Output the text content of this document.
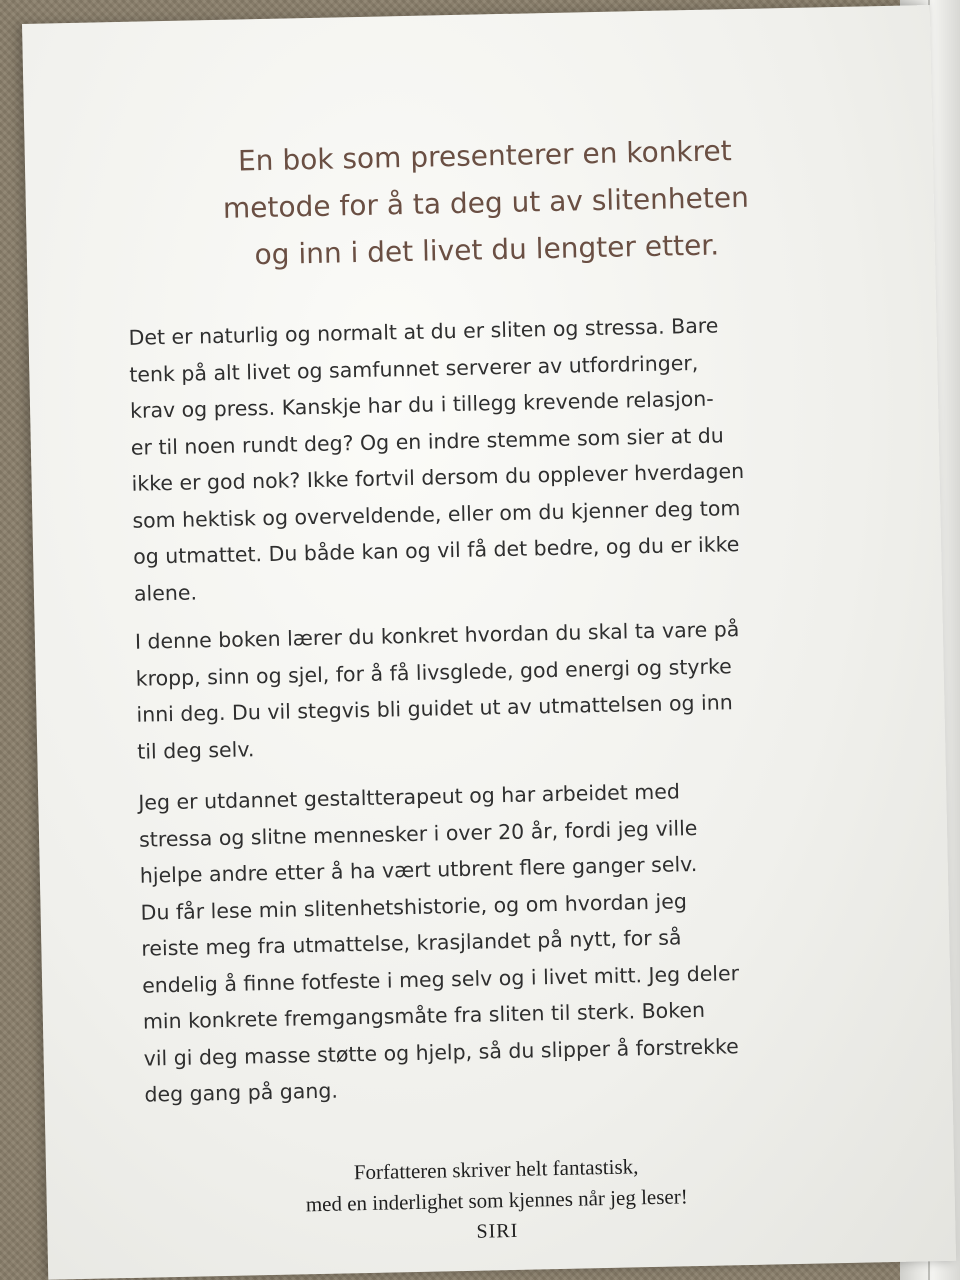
En bok som presenterer en konkret
metode for å ta deg ut av slitenheten
og inn i det livet du lengter etter.
Det er naturlig og normalt at du er sliten og stressa. Bare
tenk på alt livet og samfunnet serverer av utfordringer,
krav og press. Kanskje har du i tillegg krevende relasjon-
er til noen rundt deg? Og en indre stemme som sier at du
ikke er god nok? Ikke fortvil dersom du opplever hverdagen
som hektisk og overveldende, eller om du kjenner deg tom
og utmattet. Du både kan og vil få det bedre, og du er ikke
alene.
I denne boken lærer du konkret hvordan du skal ta vare på
kropp, sinn og sjel, for å få livsglede, god energi og styrke
inni deg. Du vil stegvis bli guidet ut av utmattelsen og inn
til deg selv.
Jeg er utdannet gestaltterapeut og har arbeidet med
stressa og slitne mennesker i over 20 år, fordi jeg ville
hjelpe andre etter å ha vært utbrent flere ganger selv.
Du får lese min slitenhetshistorie, og om hvordan jeg
reiste meg fra utmattelse, krasjlandet på nytt, for så
endelig å finne fotfeste i meg selv og i livet mitt. Jeg deler
min konkrete fremgangsmåte fra sliten til sterk. Boken
vil gi deg masse støtte og hjelp, så du slipper å forstrekke
deg gang på gang.
Forfatteren skriver helt fantastisk,
med en inderlighet som kjennes når jeg leser!
SIRI
